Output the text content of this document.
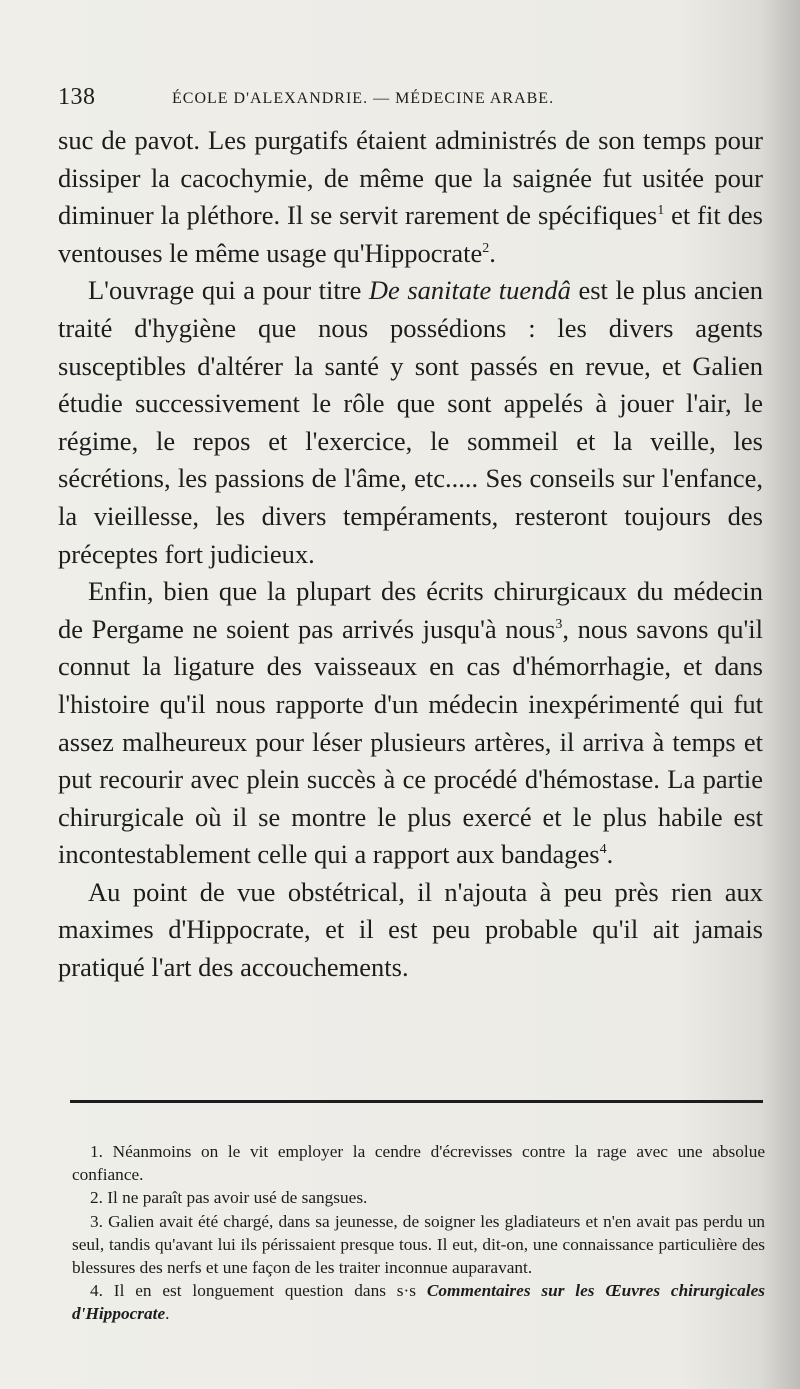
138	ÉCOLE D'ALEXANDRIE. — MÉDECINE ARABE.

suc de pavot. Les purgatifs étaient administrés de son temps pour dissiper la cacochymie, de même que la saignée fut usitée pour diminuer la pléthore. Il se servit rarement de spécifiques$^1$ et fit des ventouses le même usage qu'Hippocrate$^2$.

L'ouvrage qui a pour titre De sanitate tuendâ est le plus ancien traité d'hygiène que nous possédions : les divers agents susceptibles d'altérer la santé y sont passés en revue, et Galien étudie successivement le rôle que sont appelés à jouer l'air, le régime, le repos et l'exercice, le sommeil et la veille, les sécrétions, les passions de l'âme, etc..... Ses conseils sur l'enfance, la vieillesse, les divers tempéraments, resteront toujours des préceptes fort judicieux.

Enfin, bien que la plupart des écrits chirurgicaux du médecin de Pergame ne soient pas arrivés jusqu'à nous$^3$, nous savons qu'il connut la ligature des vaisseaux en cas d'hémorrhagie, et dans l'histoire qu'il nous rapporte d'un médecin inexpérimenté qui fut assez malheureux pour léser plusieurs artères, il arriva à temps et put recourir avec plein succès à ce procédé d'hémostase. La partie chirurgicale où il se montre le plus exercé et le plus habile est incontestablement celle qui a rapport aux bandages$^4$.

Au point de vue obstétrical, il n'ajouta à peu près rien aux maximes d'Hippocrate, et il est peu probable qu'il ait jamais pratiqué l'art des accouchements.

1. Néanmoins on le vit employer la cendre d'écrevisses contre la rage avec une absolue confiance.

2. Il ne paraît pas avoir usé de sangsues.

3. Galien avait été chargé, dans sa jeunesse, de soigner les gladiateurs et n'en avait pas perdu un seul, tandis qu'avant lui ils périssaient presque tous. Il eut, dit-on, une connaissance particulière des blessures des nerfs et une façon de les traiter inconnue auparavant.

4. Il en est longuement question dans s·s Commentaires sur les Œuvres chirurgicales d'Hippocrate.
